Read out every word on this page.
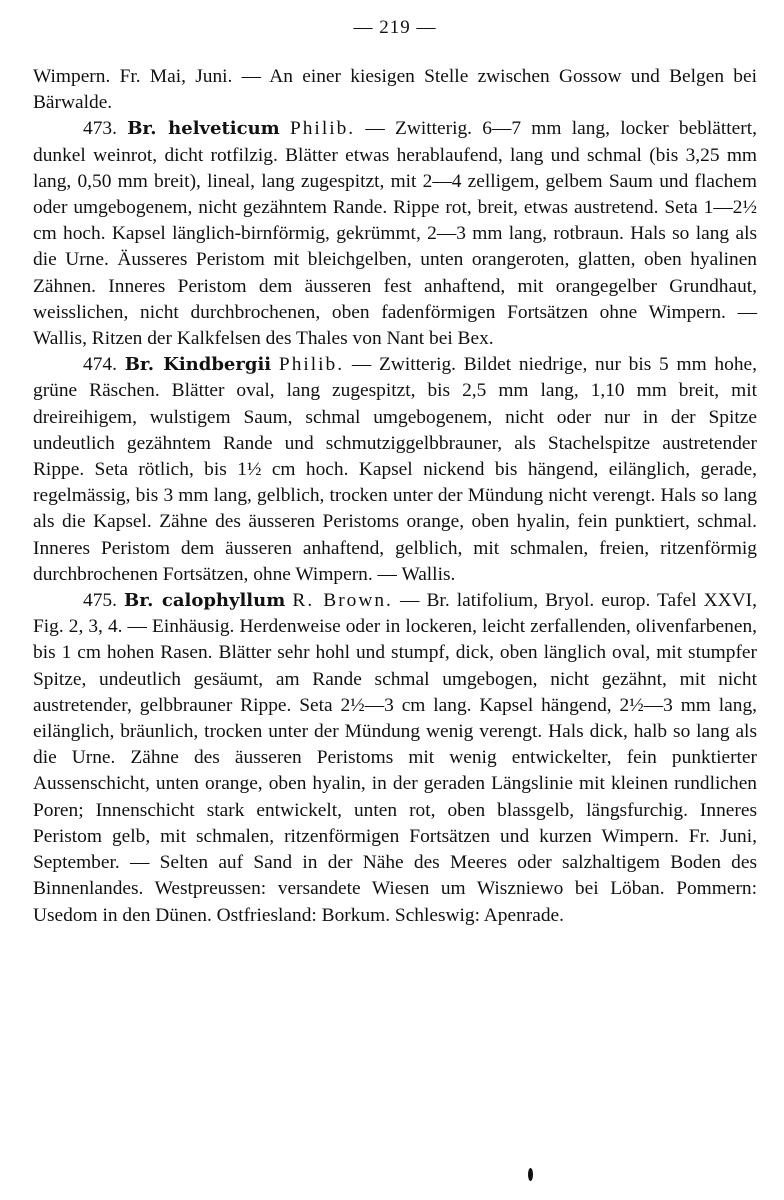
— 219 —

Wimpern. Fr. Mai, Juni. — An einer kiesigen Stelle zwischen Gossow und Belgen bei Bärwalde.

473. Br. helveticum Philib. — Zwitterig. 6—7 mm lang, locker beblättert, dunkel weinrot, dicht rotfilzig. Blätter etwas herablaufend, lang und schmal (bis 3,25 mm lang, 0,50 mm breit), lineal, lang zugespitzt, mit 2—4 zelligem, gelbem Saum und flachem oder umgebogenem, nicht gezähntem Rande. Rippe rot, breit, etwas austretend. Seta 1—2½ cm hoch. Kapsel länglich-birnförmig, gekrümmt, 2—3 mm lang, rotbraun. Hals so lang als die Urne. Äusseres Peristom mit bleichgelben, unten orangeroten, glatten, oben hyalinen Zähnen. Inneres Peristom dem äusseren fest anhaftend, mit orangegelber Grundhaut, weisslichen, nicht durchbrochenen, oben fadenförmigen Fortsätzen ohne Wimpern. — Wallis, Ritzen der Kalkfelsen des Thales von Nant bei Bex.

474. Br. Kindbergii Philib. — Zwitterig. Bildet niedrige, nur bis 5 mm hohe, grüne Räschen. Blätter oval, lang zugespitzt, bis 2,5 mm lang, 1,10 mm breit, mit dreireihigem, wulstigem Saum, schmal umgebogenem, nicht oder nur in der Spitze undeutlich gezähntem Rande und schmutziggelbbrauner, als Stachelspitze austretender Rippe. Seta rötlich, bis 1½ cm hoch. Kapsel nickend bis hängend, eilänglich, gerade, regelmässig, bis 3 mm lang, gelblich, trocken unter der Mündung nicht verengt. Hals so lang als die Kapsel. Zähne des äusseren Peristoms orange, oben hyalin, fein punktiert, schmal. Inneres Peristom dem äusseren anhaftend, gelblich, mit schmalen, freien, ritzenförmig durchbrochenen Fortsätzen, ohne Wimpern. — Wallis.

475. Br. calophyllum R. Brown. — Br. latifolium, Bryol. europ. Tafel XXVI, Fig. 2, 3, 4. — Einhäusig. Herdenweise oder in lockeren, leicht zerfallenden, olivenfarbenen, bis 1 cm hohen Rasen. Blätter sehr hohl und stumpf, dick, oben länglich oval, mit stumpfer Spitze, undeutlich gesäumt, am Rande schmal umgebogen, nicht gezähnt, mit nicht austretender, gelbbrauner Rippe. Seta 2½—3 cm lang. Kapsel hängend, 2½—3 mm lang, eilänglich, bräunlich, trocken unter der Mündung wenig verengt. Hals dick, halb so lang als die Urne. Zähne des äusseren Peristoms mit wenig entwickelter, fein punktierter Aussenschicht, unten orange, oben hyalin, in der geraden Längslinie mit kleinen rundlichen Poren; Innenschicht stark entwickelt, unten rot, oben blassgelb, längsfurchig. Inneres Peristom gelb, mit schmalen, ritzenförmigen Fortsätzen und kurzen Wimpern. Fr. Juni, September. — Selten auf Sand in der Nähe des Meeres oder salzhaltigem Boden des Binnenlandes. Westpreussen: versandete Wiesen um Wiszniewo bei Löban. Pommern: Usedom in den Dünen. Ostfriesland: Borkum. Schleswig: Apenrade.
